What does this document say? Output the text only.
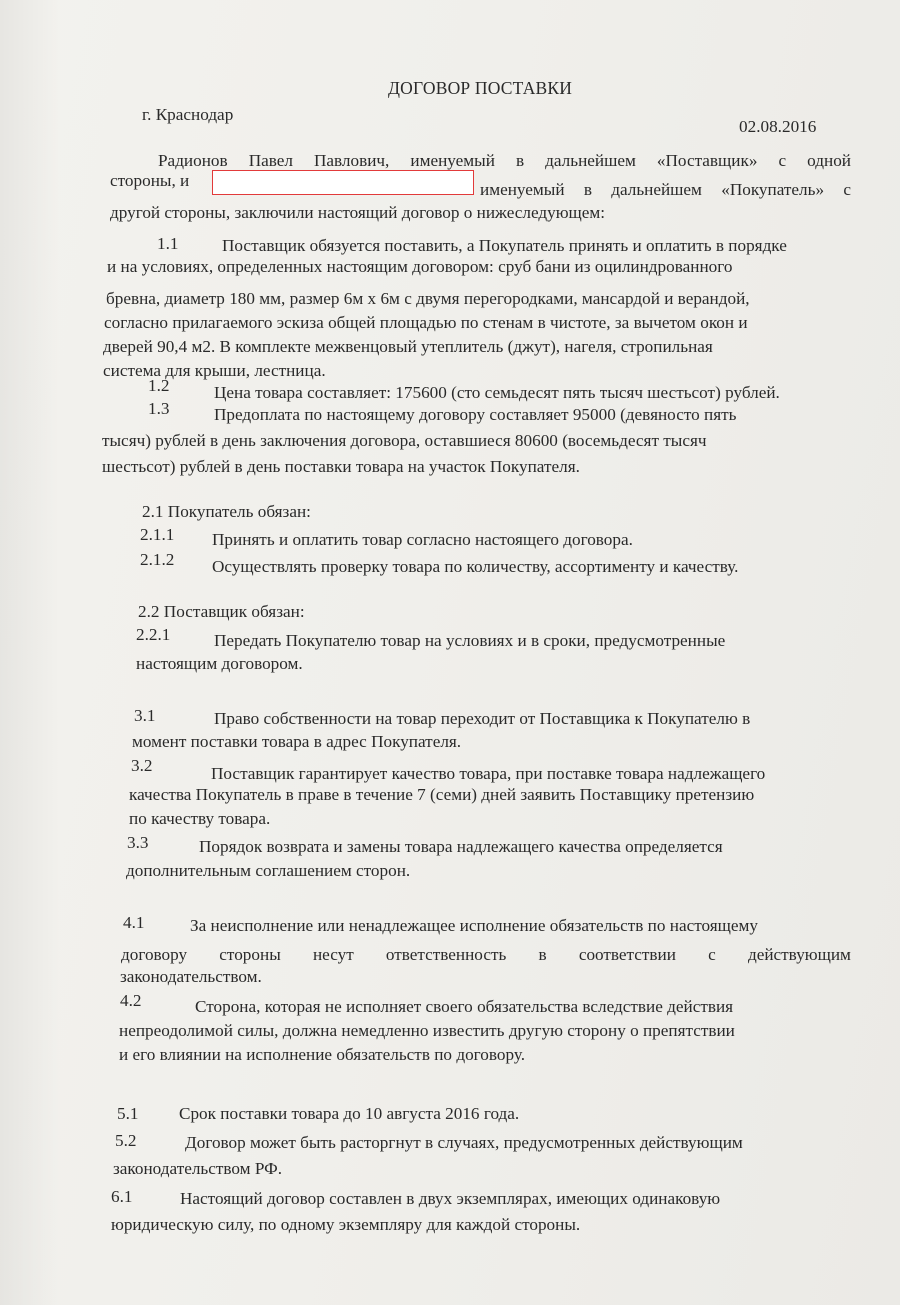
ДОГОВОР ПОСТАВКИ
г. Краснодар
02.08.2016
Радионов Павел Павлович, именуемый в дальнейшем «Поставщик» с одной
стороны, и	именуемый в дальнейшем «Покупатель» с
другой стороны, заключили настоящий договор о нижеследующем:
1.1	Поставщик обязуется поставить, а Покупатель принять и оплатить в порядке
и на условиях, определенных настоящим договором: сруб бани из оцилиндрованного
бревна, диаметр 180 мм, размер 6м х 6м с двумя перегородками, мансардой и верандой,
согласно прилагаемого эскиза общей площадью по стенам в чистоте, за вычетом окон и
дверей 90,4 м2. В комплекте межвенцовый утеплитель (джут), нагеля, стропильная
система для крыши, лестница.
1.2	Цена товара составляет: 175600 (сто семьдесят пять тысяч шестьсот) рублей.
1.3	Предоплата по настоящему договору составляет 95000 (девяносто пять
тысяч) рублей в день заключения договора, оставшиеся 80600 (восемьдесят тысяч
шестьсот) рублей в день поставки товара на участок Покупателя.
2.1 Покупатель обязан:
2.1.1 Принять и оплатить товар согласно настоящего договора.
2.1.2 Осуществлять проверку товара по количеству, ассортименту и качеству.
2.2 Поставщик обязан:
2.2.1	Передать Покупателю товар на условиях и в сроки, предусмотренные
настоящим договором.
3.1	Право собственности на товар переходит от Поставщика к Покупателю в
момент поставки товара в адрес Покупателя.
3.2	Поставщик гарантирует качество товара, при поставке товара надлежащего
качества Покупатель в праве в течение 7 (семи) дней заявить Поставщику претензию
по качеству товара.
3.3	Порядок возврата и замены товара надлежащего качества определяется
дополнительным соглашением сторон.
4.1	За неисполнение или ненадлежащее исполнение обязательств по настоящему
договору стороны несут ответственность в соответствии с действующим
законодательством.
4.2	Сторона, которая не исполняет своего обязательства вследствие действия
непреодолимой силы, должна немедленно известить другую сторону о препятствии
и его влиянии на исполнение обязательств по договору.
5.1 Срок поставки товара до 10 августа 2016 года.
5.2	Договор может быть расторгнут в случаях, предусмотренных действующим
законодательством РФ.
6.1	Настоящий договор составлен в двух экземплярах, имеющих одинаковую
юридическую силу, по одному экземпляру для каждой стороны.
